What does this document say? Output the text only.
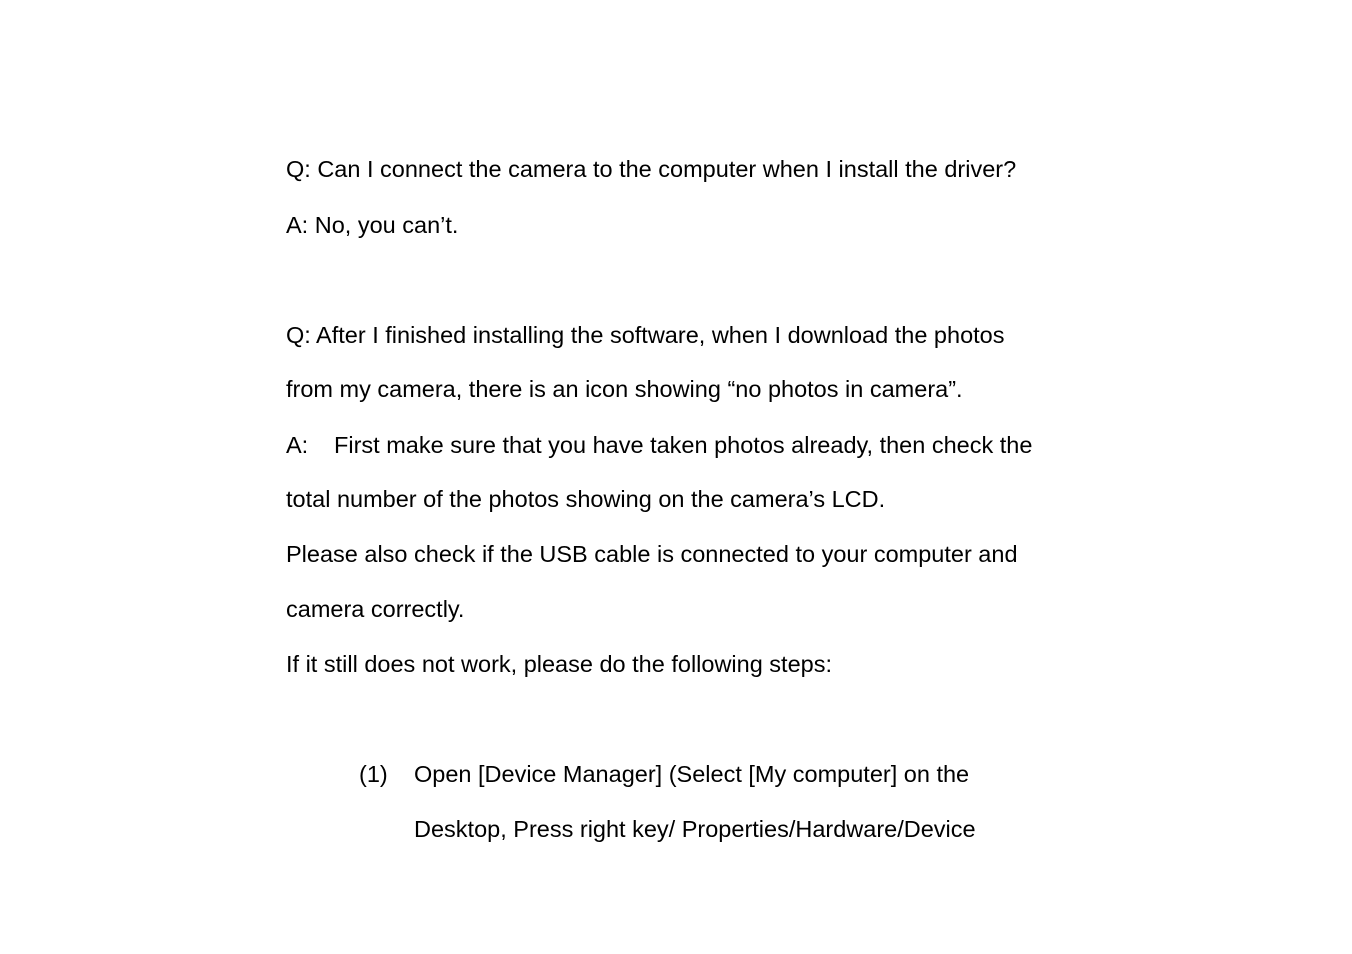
Q: Can I connect the camera to the computer when I install the driver?
A: No, you can’t.
Q: After I finished installing the software, when I download the photos
from my camera, there is an icon showing “no photos in camera”.
A: First make sure that you have taken photos already, then check the
total number of the photos showing on the camera’s LCD.
Please also check if the USB cable is connected to your computer and
camera correctly.
If it still does not work, please do the following steps:
(1) Open [Device Manager] (Select [My computer] on the
Desktop, Press right key/ Properties/Hardware/Device
